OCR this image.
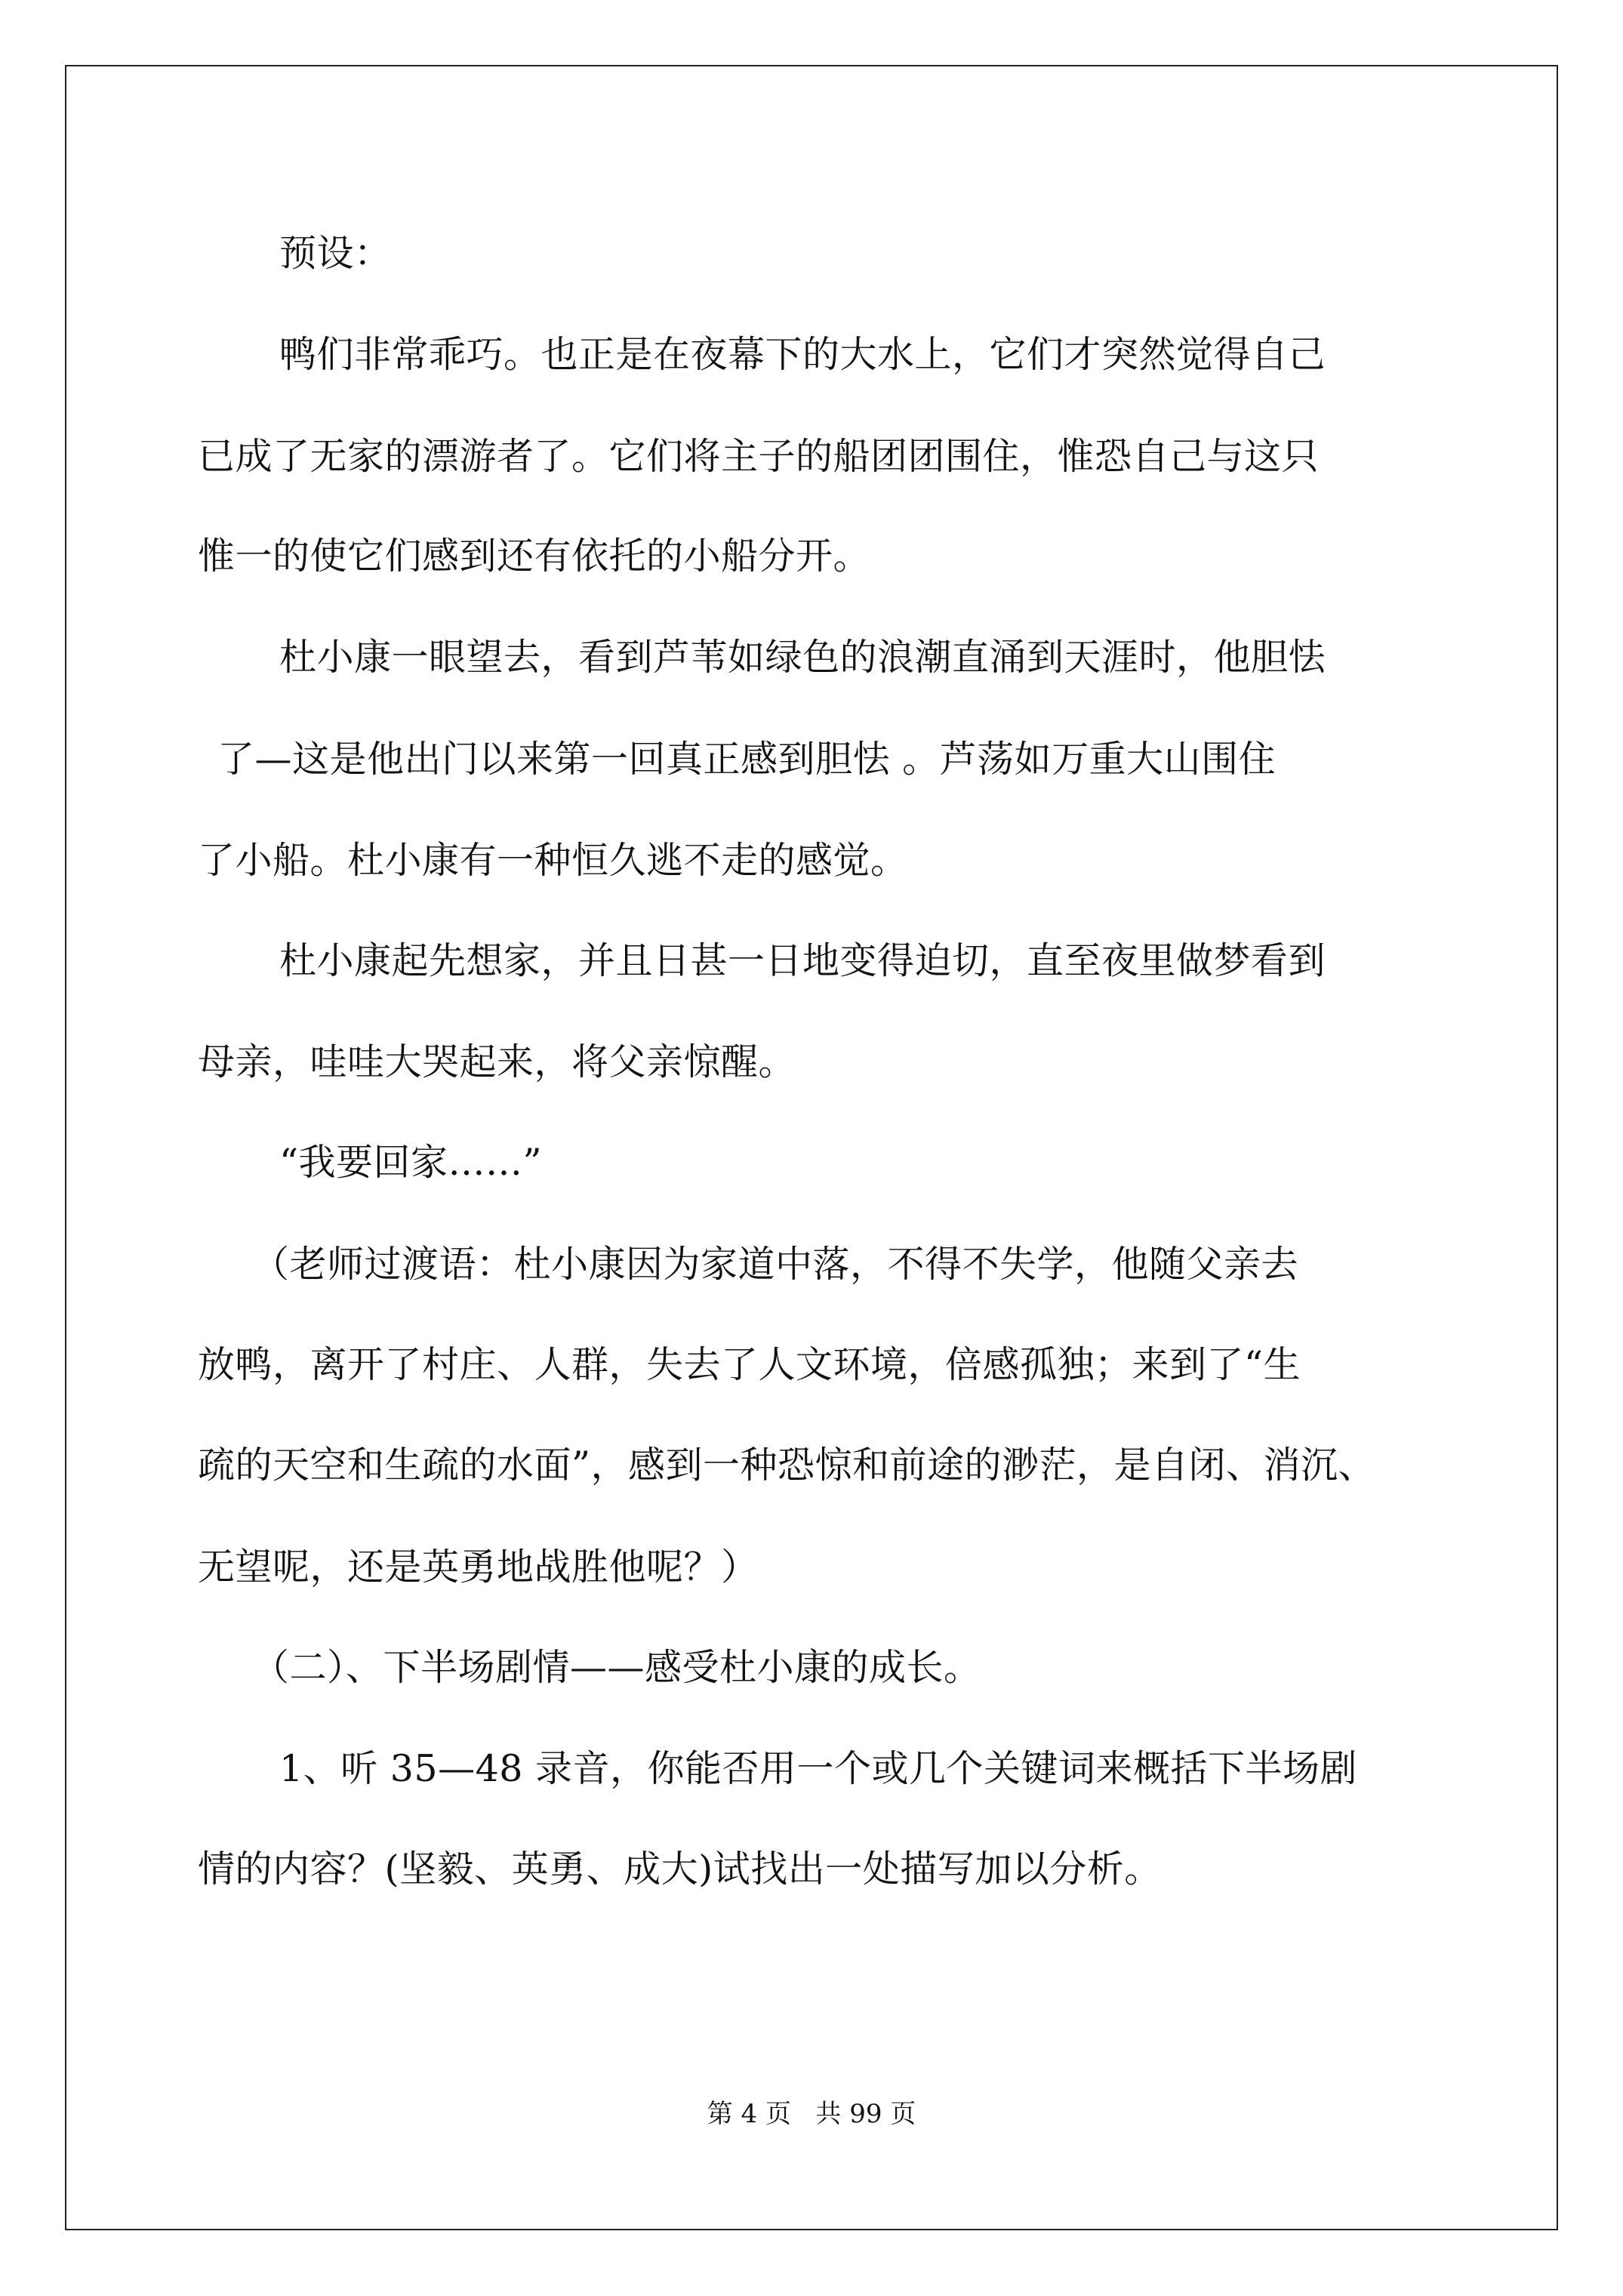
预设：
鸭们非常乖巧。也正是在夜幕下的大水上，它们才突然觉得自己
已成了无家的漂游者了。它们将主子的船团团围住，惟恐自己与这只
惟一的使它们感到还有依托的小船分开。
杜小康一眼望去，看到芦苇如绿色的浪潮直涌到天涯时，他胆怯
了—这是他出门以来第一回真正感到胆怯 。芦荡如万重大山围住
了小船。杜小康有一种恒久逃不走的感觉。
杜小康起先想家，并且日甚一日地变得迫切，直至夜里做梦看到
母亲，哇哇大哭起来，将父亲惊醒。
“我要回家……”
（老师过渡语：杜小康因为家道中落，不得不失学，他随父亲去
放鸭，离开了村庄、人群，失去了人文环境，倍感孤独；来到了“生
疏的天空和生疏的水面”，感到一种恐惊和前途的渺茫，是自闭、消沉、
无望呢，还是英勇地战胜他呢？）
（二）、下半场剧情——感受杜小康的成长。
1、听 35—48 录音，你能否用一个或几个关键词来概括下半场剧
情的内容？(坚毅、英勇、成大)试找出一处描写加以分析。
第 4 页   共 99 页
